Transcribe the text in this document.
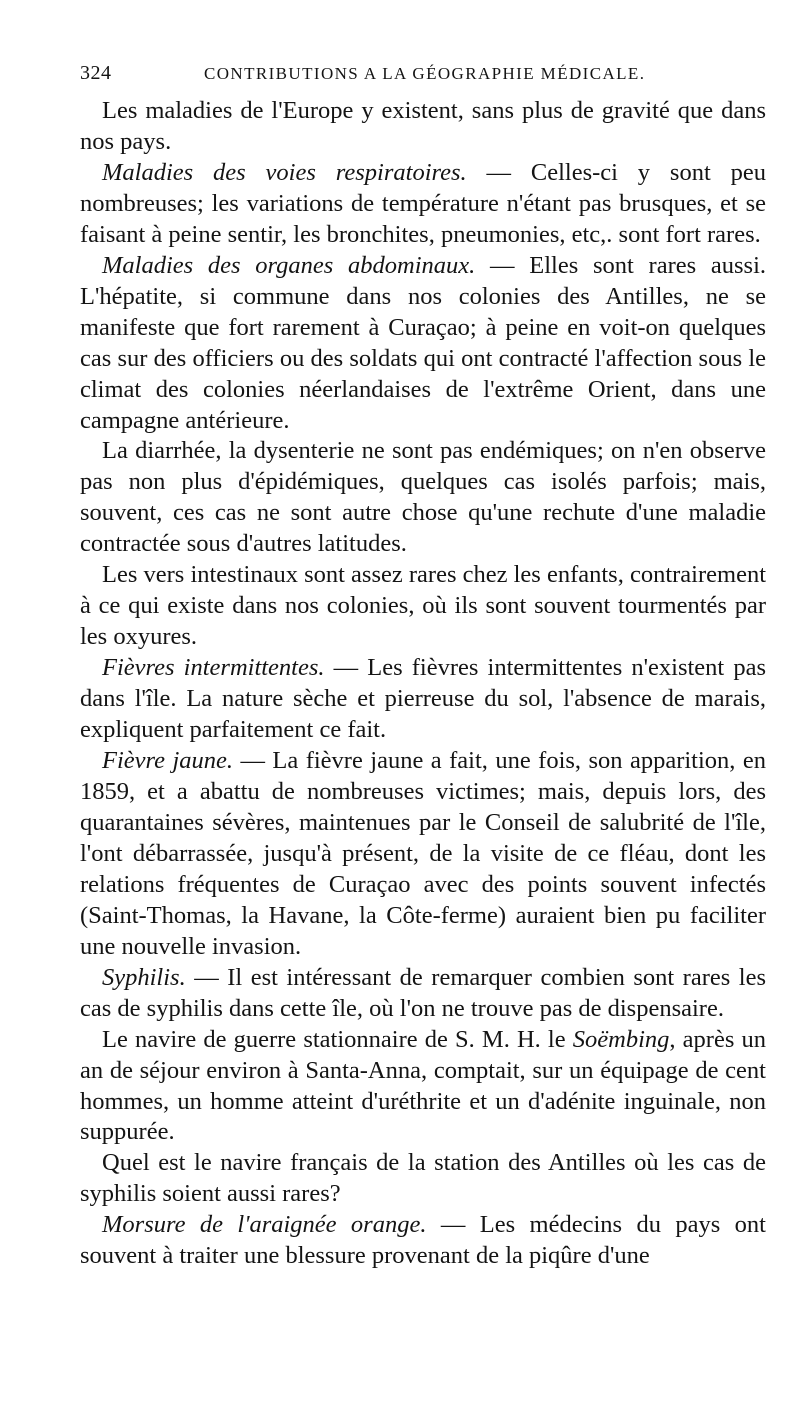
324	CONTRIBUTIONS A LA GÉOGRAPHIE MÉDICALE.

Les maladies de l'Europe y existent, sans plus de gravité que dans nos pays.

Maladies des voies respiratoires. — Celles-ci y sont peu nombreuses; les variations de température n'étant pas brusques, et se faisant à peine sentir, les bronchites, pneumonies, etc,. sont fort rares.

Maladies des organes abdominaux. — Elles sont rares aussi. L'hépatite, si commune dans nos colonies des Antilles, ne se manifeste que fort rarement à Curaçao; à peine en voit-on quelques cas sur des officiers ou des soldats qui ont contracté l'affection sous le climat des colonies néerlandaises de l'extrême Orient, dans une campagne antérieure.

La diarrhée, la dysenterie ne sont pas endémiques; on n'en observe pas non plus d'épidémiques, quelques cas isolés parfois; mais, souvent, ces cas ne sont autre chose qu'une rechute d'une maladie contractée sous d'autres latitudes.

Les vers intestinaux sont assez rares chez les enfants, contrairement à ce qui existe dans nos colonies, où ils sont souvent tourmentés par les oxyures.

Fièvres intermittentes. — Les fièvres intermittentes n'existent pas dans l'île. La nature sèche et pierreuse du sol, l'absence de marais, expliquent parfaitement ce fait.

Fièvre jaune. — La fièvre jaune a fait, une fois, son apparition, en 1859, et a abattu de nombreuses victimes; mais, depuis lors, des quarantaines sévères, maintenues par le Conseil de salubrité de l'île, l'ont débarrassée, jusqu'à présent, de la visite de ce fléau, dont les relations fréquentes de Curaçao avec des points souvent infectés (Saint-Thomas, la Havane, la Côte-ferme) auraient bien pu faciliter une nouvelle invasion.

Syphilis. — Il est intéressant de remarquer combien sont rares les cas de syphilis dans cette île, où l'on ne trouve pas de dispensaire.

Le navire de guerre stationnaire de S. M. H. le Soëmbing, après un an de séjour environ à Santa-Anna, comptait, sur un équipage de cent hommes, un homme atteint d'uréthrite et un d'adénite inguinale, non suppurée.

Quel est le navire français de la station des Antilles où les cas de syphilis soient aussi rares?

Morsure de l'araignée orange. — Les médecins du pays ont souvent à traiter une blessure provenant de la piqûre d'une
